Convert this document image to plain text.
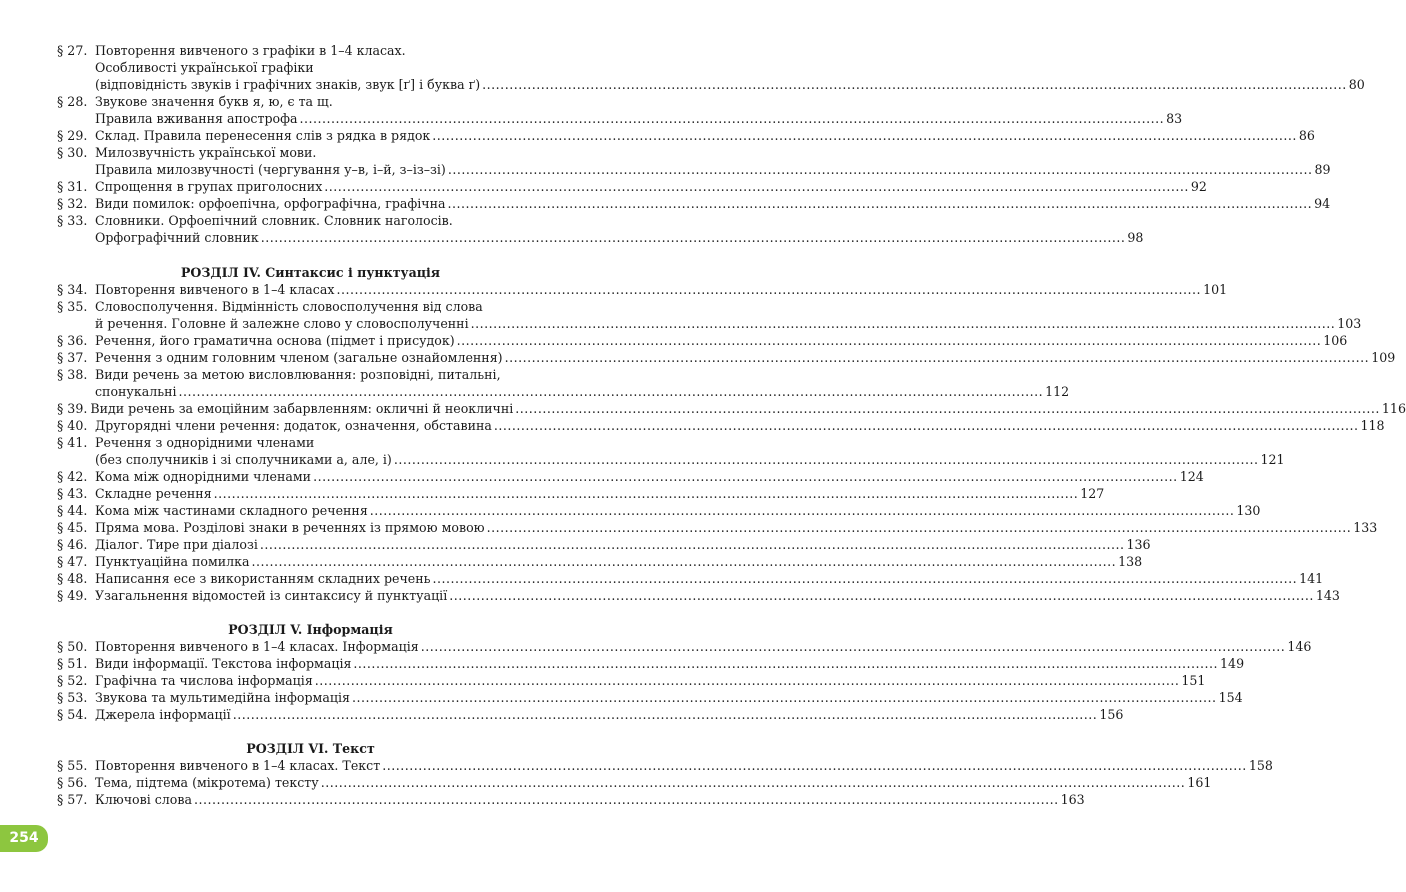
§ 27. Повторення вивченого з графіки в 1–4 класах.
Особливості української графіки
(відповідність звуків і графічних знаків, звук [ґ] і буква ґ) .....	80
§ 28. Звукове значення букв я, ю, є та щ.
Правила вживання апострофа .....	83
§ 29. Склад. Правила перенесення слів з рядка в рядок .....	86
§ 30. Милозвучність української мови.
Правила милозвучності (чергування у–в, і–й, з–із–зі) .....	89
§ 31. Спрощення в групах приголосних .....	92
§ 32. Види помилок: орфоепічна, орфографічна, графічна .....	94
§ 33. Словники. Орфоепічний словник. Словник наголосів.
Орфографічний словник .....	98
РОЗДІЛ IV. Синтаксис і пунктуація
§ 34. Повторення вивченого в 1–4 класах .....	101
§ 35. Словосполучення. Відмінність словосполучення від слова
й речення. Головне й залежне слово у словосполученні .....	103
§ 36. Речення, його граматична основа (підмет і присудок) .....	106
§ 37. Речення з одним головним членом (загальне ознайомлення) .....	109
§ 38. Види речень за метою висловлювання: розповідні, питальні,
спонукальні .....	112
§ 39. Види речень за емоційним забарвленням: окличні й неокличні .....	116
§ 40. Другорядні члени речення: додаток, означення, обставина .....	118
§ 41. Речення з однорідними членами
(без сполучників і зі сполучниками а, але, і) .....	121
§ 42. Кома між однорідними членами .....	124
§ 43. Складне речення .....	127
§ 44. Кома між частинами складного речення .....	130
§ 45. Пряма мова. Розділові знаки в реченнях із прямою мовою .....	133
§ 46. Діалог. Тире при діалозі .....	136
§ 47. Пунктуаційна помилка .....	138
§ 48. Написання есе з використанням складних речень .....	141
§ 49. Узагальнення відомостей із синтаксису й пунктуації .....	143
РОЗДІЛ V. Інформація
§ 50. Повторення вивченого в 1–4 класах. Інформація .....	146
§ 51. Види інформації. Текстова інформація .....	149
§ 52. Графічна та числова інформація .....	151
§ 53. Звукова та мультимедійна інформація .....	154
§ 54. Джерела інформації .....	156
РОЗДІЛ VI. Текст
§ 55. Повторення вивченого в 1–4 класах. Текст .....	158
§ 56. Тема, підтема (мікротема) тексту .....	161
§ 57. Ключові слова .....	163
254
